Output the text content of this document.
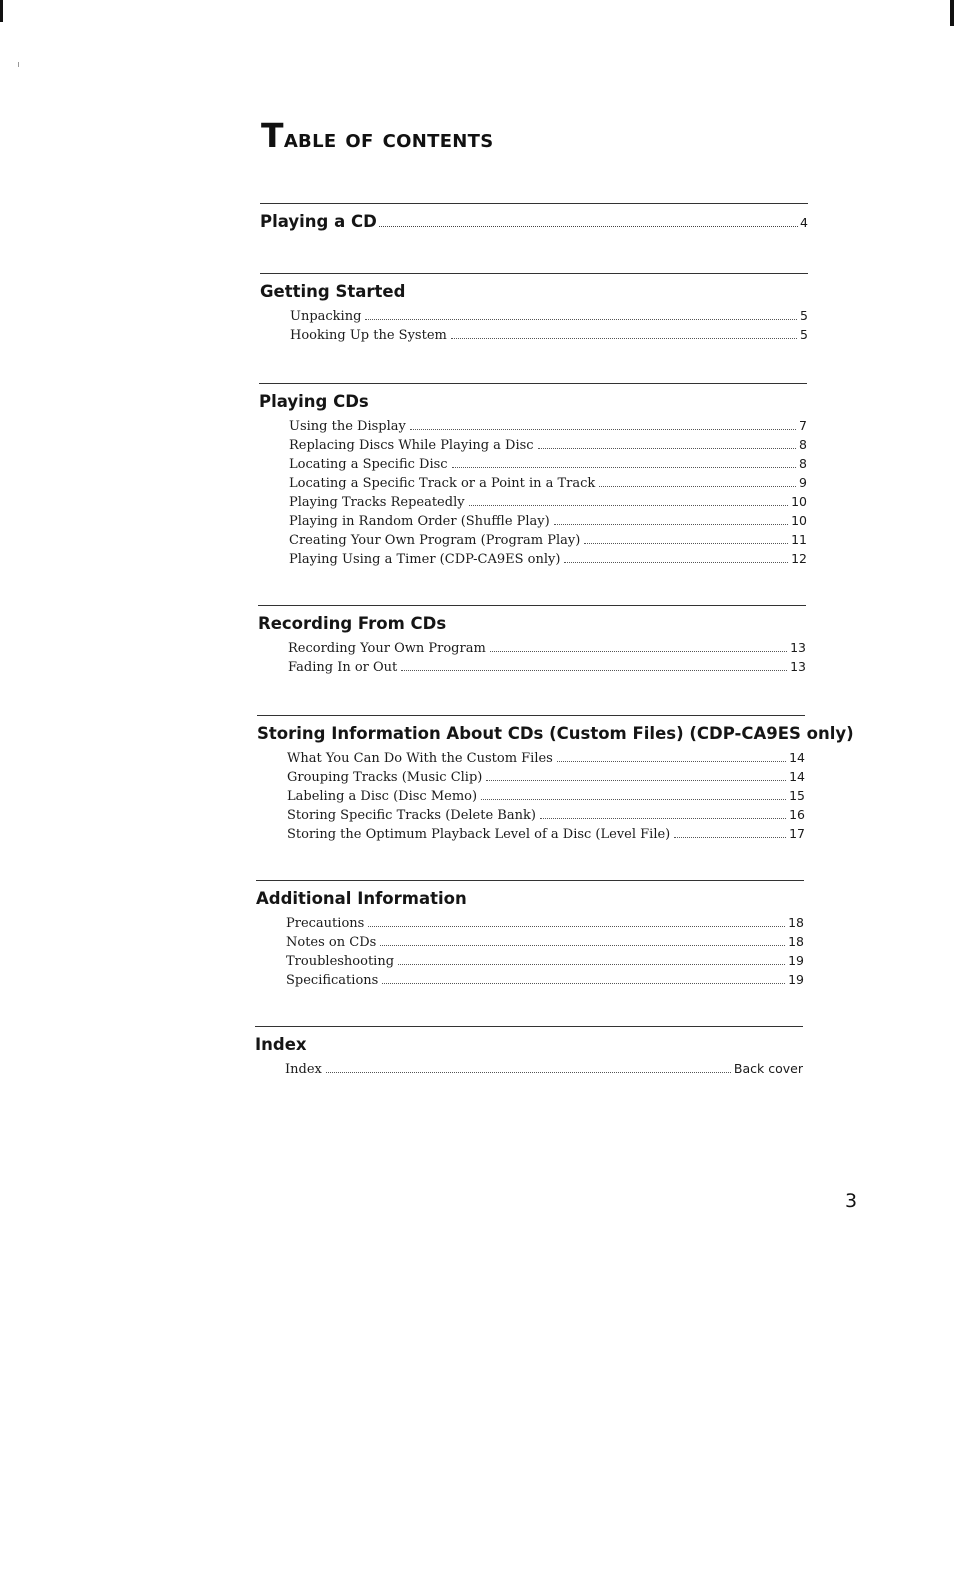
Table of contents
Playing a CD	4
Getting Started
Unpacking	5
Hooking Up the System	5
Playing CDs
Using the Display	7
Replacing Discs While Playing a Disc	8
Locating a Specific Disc	8
Locating a Specific Track or a Point in a Track	9
Playing Tracks Repeatedly	10
Playing in Random Order (Shuffle Play)	10
Creating Your Own Program (Program Play)	11
Playing Using a Timer (CDP-CA9ES only)	12
Recording From CDs
Recording Your Own Program	13
Fading In or Out	13
Storing Information About CDs (Custom Files) (CDP-CA9ES only)
What You Can Do With the Custom Files	14
Grouping Tracks (Music Clip)	14
Labeling a Disc (Disc Memo)	15
Storing Specific Tracks (Delete Bank)	16
Storing the Optimum Playback Level of a Disc (Level File)	17
Additional Information
Precautions	18
Notes on CDs	18
Troubleshooting	19
Specifications	19
Index
Index	Back cover
3
